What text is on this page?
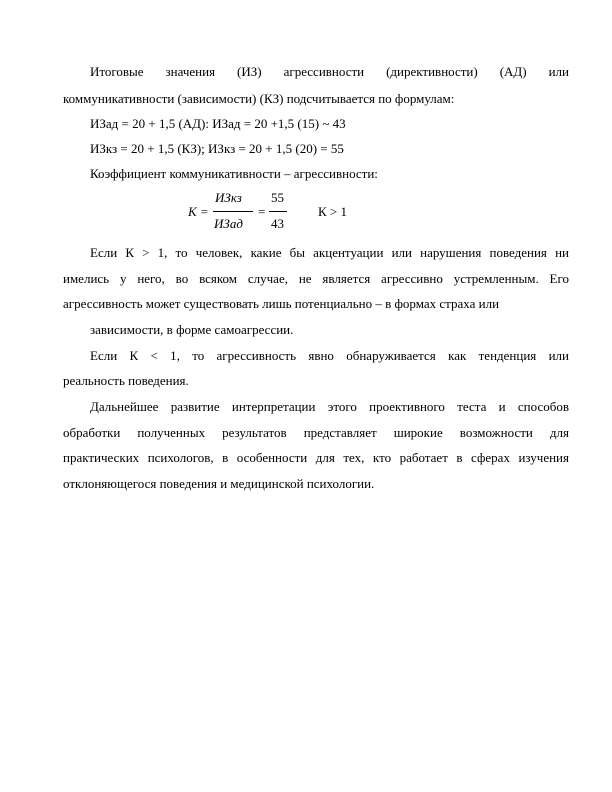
Итоговые значения (ИЗ) агрессивности (директивности) (АД) или
коммуникативности (зависимости) (КЗ) подсчитывается по формулам:
ИЗад = 20 + 1,5 (АД): ИЗад = 20 +1,5 (15) ~ 43
ИЗкз = 20 + 1,5 (КЗ); ИЗкз = 20 + 1,5 (20) = 55
Коэффициент коммуникативности – агрессивности:
К =
ИЗкз
ИЗад
=
55
43
К > 1
Если К > 1, то человек, какие бы акцентуации или нарушения поведения ни
имелись у него, во всяком случае, не является агрессивно устремленным. Его
агрессивность может существовать лишь потенциально – в формах страха или
зависимости, в форме самоагрессии.
Если К < 1, то агрессивность явно обнаруживается как тенденция или
реальность поведения.
Дальнейшее развитие интерпретации этого проективного теста и способов
обработки полученных результатов представляет широкие возможности для
практических психологов, в особенности для тех, кто работает в сферах изучения
отклоняющегося поведения и медицинской психологии.
